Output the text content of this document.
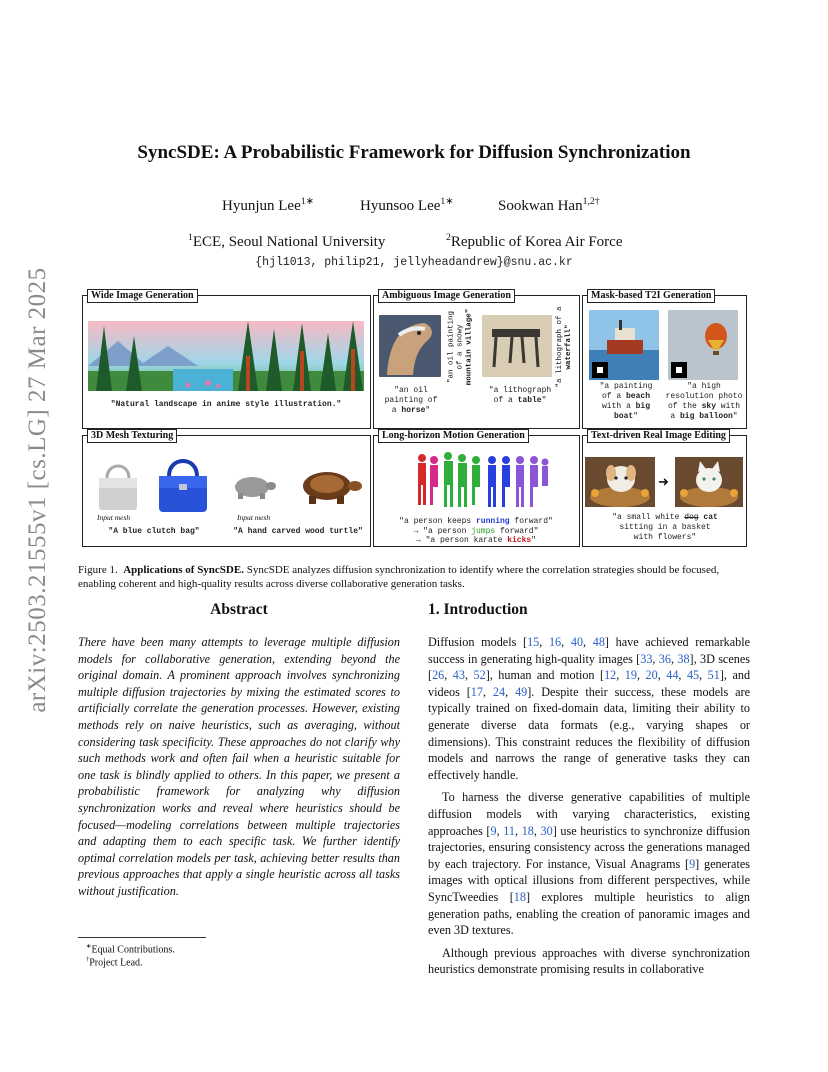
arXiv:2503.21555v1 [cs.LG] 27 Mar 2025
SyncSDE: A Probabilistic Framework for Diffusion Synchronization
Hyunjun Lee$^{1∗}$	Hyunsoo Lee$^{1∗}$	Sookwan Han$^{1,2\dagger}$
$^1$ECE, Seoul National University	$^2$Republic of Korea Air Force
{hjl1013, philip21, jellyheadandrew}@snu.ac.kr
Wide Image Generation
"Natural landscape in anime style illustration."
Ambiguous Image Generation
"an oil painting of a snowy mountain village"	"a lithograph of a waterfall"
"an oil
painting of
a horse"
"a lithograph
of a table"
Mask-based T2I Generation
"a painting
of a beach
with a big
boat"
"a high
resolution photo
of the sky with
a big balloon"
3D Mesh Texturing
Input mesh	Input mesh
"A blue clutch bag"	"A hand carved wood turtle"
Long-horizon Motion Generation
"a person keeps running forward"
→ "a person jumps forward"
→ "a person karate kicks"
Text-driven Real Image Editing
➜
"a small white dog cat
sitting in a basket
with flowers"
Figure 1. Applications of SyncSDE. SyncSDE analyzes diffusion synchronization to identify where the correlation strategies should be focused, enabling coherent and high-quality results across diverse collaborative generation tasks.
Abstract
There have been many attempts to leverage multiple diffusion models for collaborative generation, extending beyond the original domain. A prominent approach involves synchronizing multiple diffusion trajectories by mixing the estimated scores to artificially correlate the generation processes. However, existing methods rely on naive heuristics, such as averaging, without considering task specificity. These approaches do not clarify why such methods work and often fail when a heuristic suitable for one task is blindly applied to others. In this paper, we present a probabilistic framework for analyzing why diffusion synchronization works and reveal where heuristics should be focused—modeling correlations between multiple trajectories and adapting them to each specific task. We further identify optimal correlation models per task, achieving better results than previous approaches that apply a single heuristic across all tasks without justification.
∗Equal Contributions.
†Project Lead.
1. Introduction

Diffusion models [15, 16, 40, 48] have achieved remarkable success in generating high-quality images [33, 36, 38], 3D scenes [26, 43, 52], human and motion [12, 19, 20, 44, 45, 51], and videos [17, 24, 49]. Despite their success, these models are typically trained on fixed-domain data, limiting their ability to generate diverse data formats (e.g., varying shapes or dimensions). This constraint reduces the flexibility of diffusion models and narrows the range of generative tasks they can effectively handle.

To harness the diverse generative capabilities of multiple diffusion models with varying characteristics, existing approaches [9, 11, 18, 30] use heuristics to synchronize diffusion trajectories, ensuring consistency across the generations managed by each trajectory. For instance, Visual Anagrams [9] generates images with optical illusions from different perspectives, while SyncTweedies [18] explores multiple heuristics to align generation paths, enabling the creation of panoramic images and even 3D textures.

Although previous approaches with diverse synchronization heuristics demonstrate promising results in collaborative
